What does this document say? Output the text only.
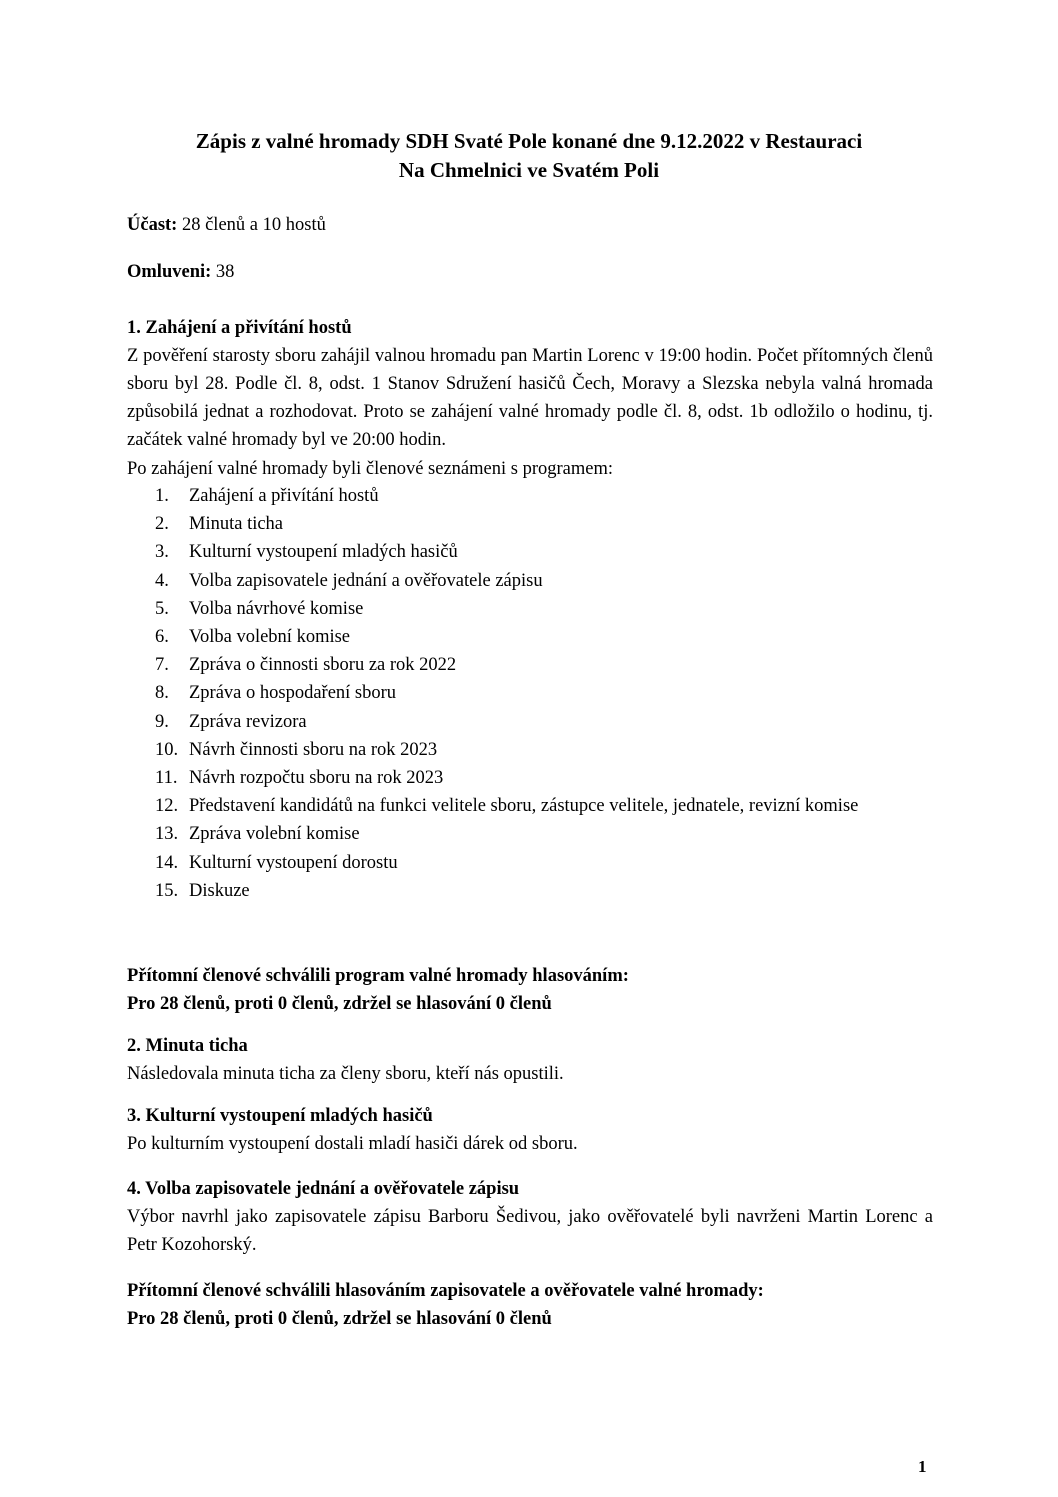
Zápis z valné hromady SDH Svaté Pole konané dne 9.12.2022 v Restauraci
Na Chmelnici ve Svatém Poli
Účast: 28 členů a 10 hostů
Omluveni: 38
1. Zahájení a přivítání hostů
Z pověření starosty sboru zahájil valnou hromadu pan Martin Lorenc v 19:00 hodin. Počet přítomných členů sboru byl 28. Podle čl. 8, odst. 1 Stanov Sdružení hasičů Čech, Moravy a Slezska nebyla valná hromada způsobilá jednat a rozhodovat. Proto se zahájení valné hromady podle čl. 8, odst. 1b odložilo o hodinu, tj. začátek valné hromady byl ve 20:00 hodin.
Po zahájení valné hromady byli členové seznámeni s programem:
1. Zahájení a přivítání hostů
2. Minuta ticha
3. Kulturní vystoupení mladých hasičů
4. Volba zapisovatele jednání a ověřovatele zápisu
5. Volba návrhové komise
6. Volba volební komise
7. Zpráva o činnosti sboru za rok 2022
8. Zpráva o hospodaření sboru
9. Zpráva revizora
10. Návrh činnosti sboru na rok 2023
11. Návrh rozpočtu sboru na rok 2023
12. Představení kandidátů na funkci velitele sboru, zástupce velitele, jednatele, revizní komise
13. Zpráva volební komise
14. Kulturní vystoupení dorostu
15. Diskuze
Přítomní členové schválili program valné hromady hlasováním:
Pro 28 členů, proti 0 členů, zdržel se hlasování 0 členů
2. Minuta ticha
Následovala minuta ticha za členy sboru, kteří nás opustili.
3. Kulturní vystoupení mladých hasičů
Po kulturním vystoupení dostali mladí hasiči dárek od sboru.
4. Volba zapisovatele jednání a ověřovatele zápisu
Výbor navrhl jako zapisovatele zápisu Barboru Šedivou, jako ověřovatelé byli navrženi Martin Lorenc a Petr Kozohorský.
Přítomní členové schválili hlasováním zapisovatele a ověřovatele valné hromady:
Pro 28 členů, proti 0 členů, zdržel se hlasování 0 členů
1
